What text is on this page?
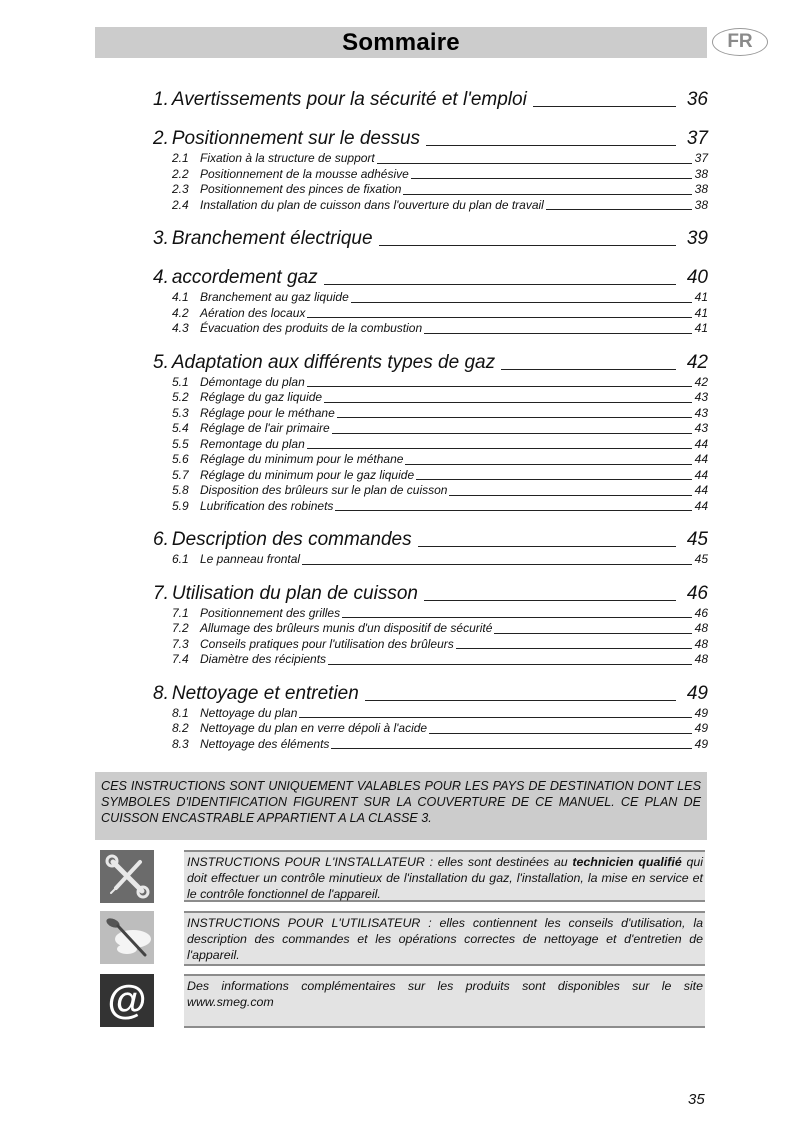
Sommaire	FR
1. Avertissements pour la sécurité et l'emploi	36
2. Positionnement sur le dessus	37
2.1 Fixation à la structure de support	37
2.2 Positionnement de la mousse adhésive	38
2.3 Positionnement des pinces de fixation	38
2.4 Installation du plan de cuisson dans l'ouverture du plan de travail	38
3. Branchement électrique	39
4. accordement gaz	40
4.1 Branchement au gaz liquide	41
4.2 Aération des locaux	41
4.3 Évacuation des produits de la combustion	41
5. Adaptation aux différents types de gaz	42
5.1 Démontage du plan	42
5.2 Réglage du gaz liquide	43
5.3 Réglage pour le méthane	43
5.4 Réglage de l'air primaire	43
5.5 Remontage du plan	44
5.6 Réglage du minimum pour le méthane	44
5.7 Réglage du minimum pour le gaz liquide	44
5.8 Disposition des brûleurs sur le plan de cuisson	44
5.9 Lubrification des robinets	44
6. Description des commandes	45
6.1 Le panneau frontal	45
7. Utilisation du plan de cuisson	46
7.1 Positionnement des grilles	46
7.2 Allumage des brûleurs munis d'un dispositif de sécurité	48
7.3 Conseils pratiques pour l'utilisation des brûleurs	48
7.4 Diamètre des récipients	48
8. Nettoyage et entretien	49
8.1 Nettoyage du plan	49
8.2 Nettoyage du plan en verre dépoli à l'acide	49
8.3 Nettoyage des éléments	49
CES INSTRUCTIONS SONT UNIQUEMENT VALABLES POUR LES PAYS DE DESTINATION DONT LES SYMBOLES D'IDENTIFICATION FIGURENT SUR LA COUVERTURE DE CE MANUEL. CE PLAN DE CUISSON ENCASTRABLE APPARTIENT A LA CLASSE 3.
INSTRUCTIONS POUR L'INSTALLATEUR : elles sont destinées au technicien qualifié qui doit effectuer un contrôle minutieux de l'installation du gaz, l'installation, la mise en service et le contrôle fonctionnel de l'appareil.
INSTRUCTIONS POUR L'UTILISATEUR : elles contiennent les conseils d'utilisation, la description des commandes et les opérations correctes de nettoyage et d'entretien de l'appareil.
@	Des informations complémentaires sur les produits sont disponibles sur le site www.smeg.com
35
